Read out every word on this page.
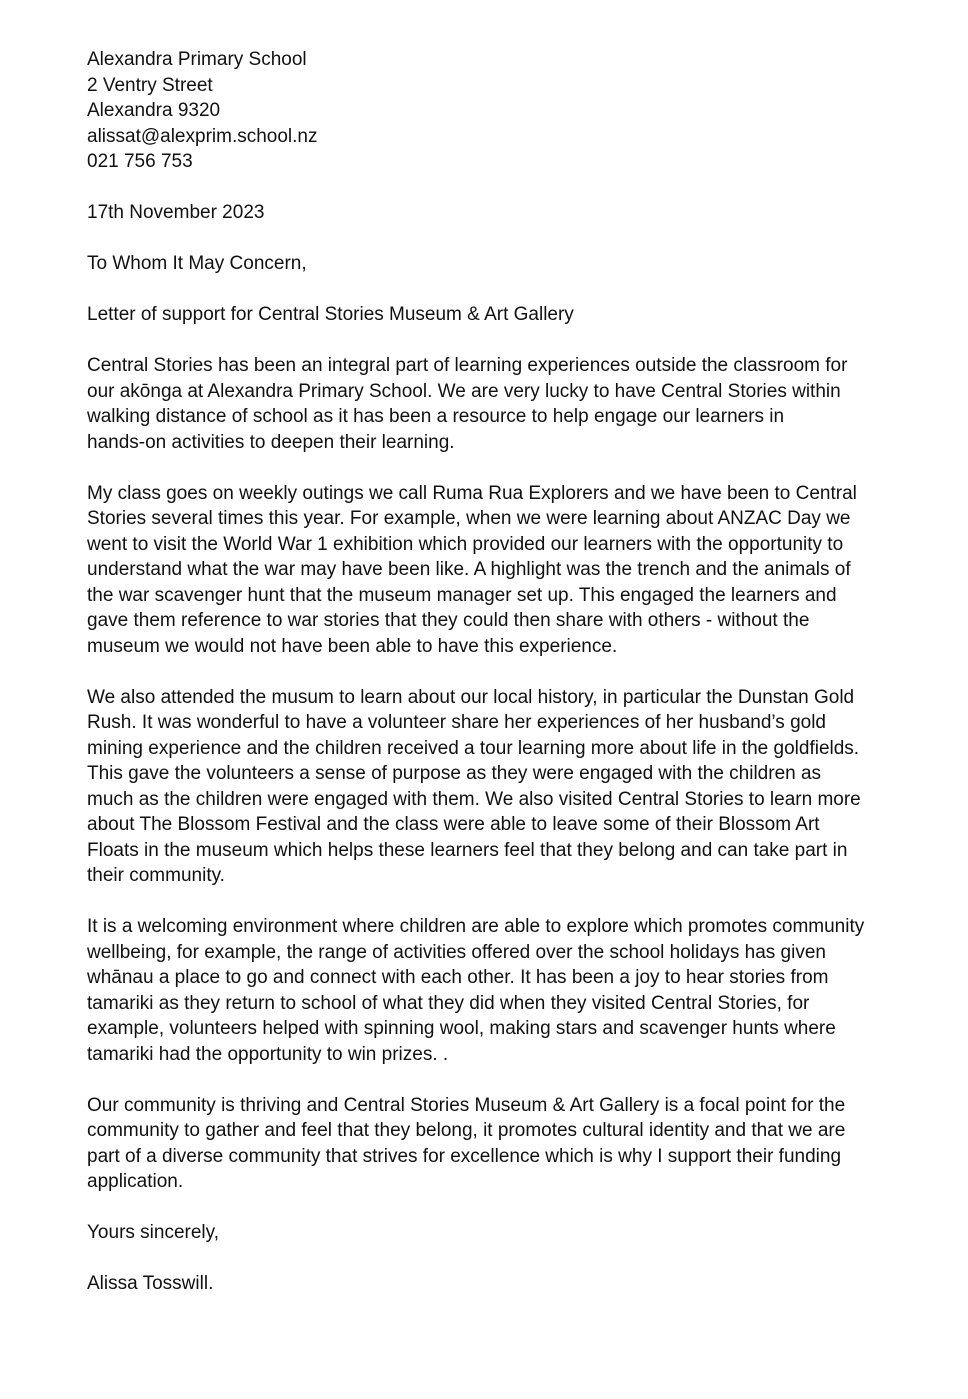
Alexandra Primary School
2 Ventry Street
Alexandra 9320
alissat@alexprim.school.nz
021 756 753
17th November 2023
To Whom It May Concern,
Letter of support for Central Stories Museum & Art Gallery
Central Stories has been an integral part of learning experiences outside the classroom for
our akōnga at Alexandra Primary School. We are very lucky to have Central Stories within
walking distance of school as it has been a resource to help engage our learners in
hands-on activities to deepen their learning.
My class goes on weekly outings we call Ruma Rua Explorers and we have been to Central
Stories several times this year. For example, when we were learning about ANZAC Day we
went to visit the World War 1 exhibition which provided our learners with the opportunity to
understand what the war may have been like. A highlight was the trench and the animals of
the war scavenger hunt that the museum manager set up. This engaged the learners and
gave them reference to war stories that they could then share with others - without the
museum we would not have been able to have this experience.
We also attended the musum to learn about our local history, in particular the Dunstan Gold
Rush. It was wonderful to have a volunteer share her experiences of her husband’s gold
mining experience and the children received a tour learning more about life in the goldfields.
This gave the volunteers a sense of purpose as they were engaged with the children as
much as the children were engaged with them. We also visited Central Stories to learn more
about The Blossom Festival and the class were able to leave some of their Blossom Art
Floats in the museum which helps these learners feel that they belong and can take part in
their community.
It is a welcoming environment where children are able to explore which promotes community
wellbeing, for example, the range of activities offered over the school holidays has given
whānau a place to go and connect with each other. It has been a joy to hear stories from
tamariki as they return to school of what they did when they visited Central Stories, for
example, volunteers helped with spinning wool, making stars and scavenger hunts where
tamariki had the opportunity to win prizes. .
Our community is thriving and Central Stories Museum & Art Gallery is a focal point for the
community to gather and feel that they belong, it promotes cultural identity and that we are
part of a diverse community that strives for excellence which is why I support their funding
application.
Yours sincerely,
Alissa Tosswill.
